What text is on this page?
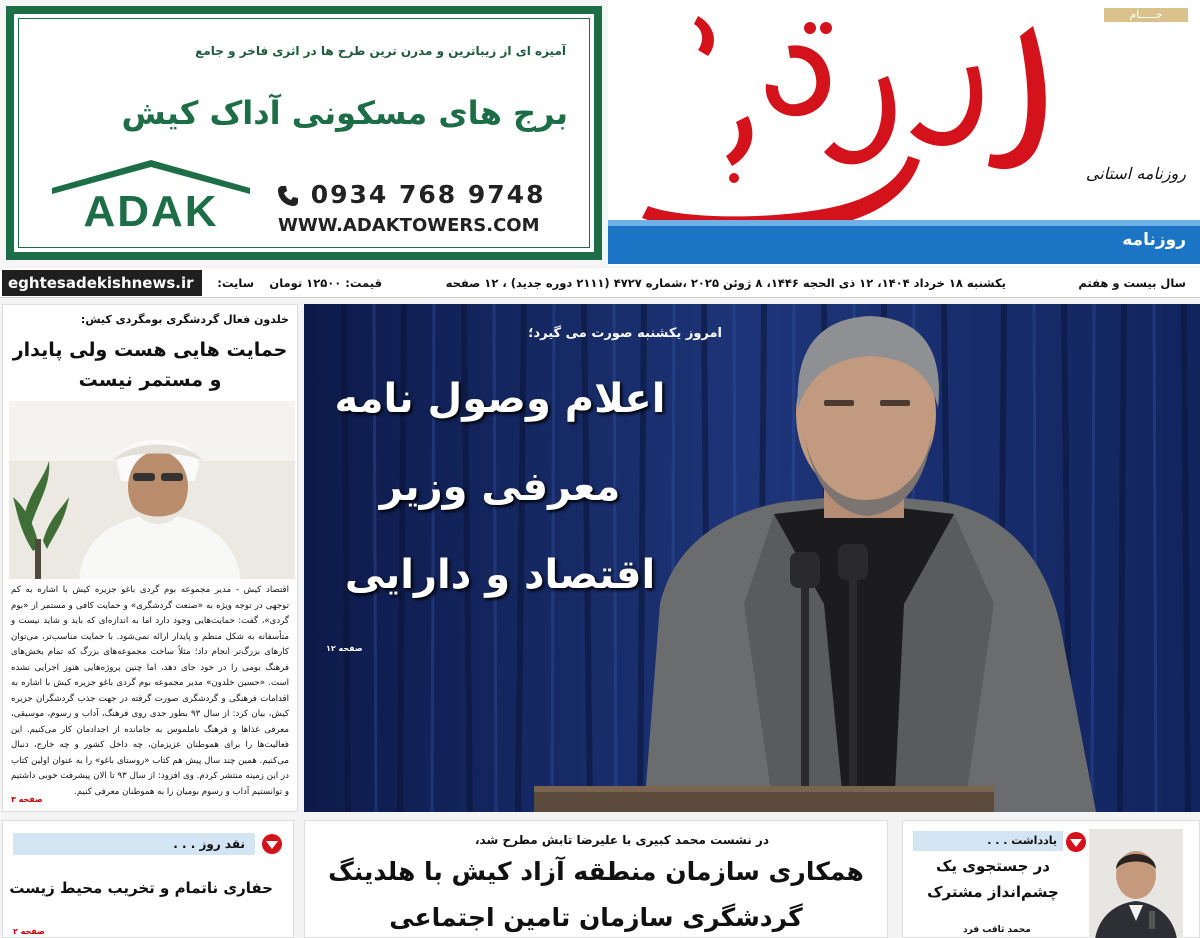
جـــــام
روزنامه استانی
روزنامه
آمیزه ای از زیباترین و مدرن ترین طرح ها در اثری فاخر و جامع
برج های مسکونی آداک کیش
ADAK	0934 768 9748
WWW.ADAKTOWERS.COM
سال بیست و هفتم
یکشنبه ۱۸ خرداد ۱۴۰۴، ۱۲ ذی الحجه ۱۴۴۶، ۸ ژوئن ۲۰۲۵ ،شماره ۴۷۲۷ (۲۱۱۱ دوره جدید) ، ۱۲ صفحه
قیمت: ۱۲۵۰۰ تومان
سایت:
eghtesadekishnews.ir
خلدون فعال گردشگری بومگردی کیش:
حمایت هایی هست ولی پایدار و مستمر نیست
اقتصاد کیش - مدیر مجموعه بوم گردی باغو جزیره کیش با اشاره به کم توجهی در توجه ویژه به «صنعت گردشگری» و حمایت کافی و مستمر از «بوم گردی»، گفت: حمایت‌هایی وجود دارد اما به اندازه‌ای که باید و شاید نیست و متأسفانه به شکل منظم و پایدار ارائه نمی‌شود. با حمایت مناسب‌تر، می‌توان کارهای بزرگ‌تر انجام داد؛ مثلاً ساخت مجموعه‌های بزرگ که تمام بخش‌های فرهنگ بومی را در خود جای دهد، اما چنین پروژه‌هایی هنوز اجرایی نشده است. «حسین خلدون» مدیر مجموعه بوم گردی باغو جزیره کیش با اشاره به اقدامات فرهنگی و گردشگری صورت گرفته در جهت جذب گردشگران جزیره کیش، بیان کرد: از سال ۹۳ بطور جدی روی فرهنگ، آداب و رسوم، موسیقی، معرفی غذاها و فرهنگ ناملموس به جامانده از اجدادمان کار می‌کنیم. این فعالیت‌ها را برای هموطنان عزیزمان، چه داخل کشور و چه خارج، دنبال می‌کنیم. همین چند سال پیش هم کتاب «روستای باغو» را به عنوان اولین کتاب در این زمینه منتشر کردم. وی افزود: از سال ۹۳ تا الان پیشرفت خوبی داشتیم و توانستیم آداب و رسوم بومیان را به هموطنان معرفی کنیم.
صفحه ۳
امروز یکشنبه صورت می گیرد؛
اعلام وصول نامه
معرفی وزیر
اقتصاد و دارایی
صفحه ۱۲
نقد روز . . .
حفاری ناتمام و تخریب محیط زیست
صفحه ۲
در نشست محمد کبیری با علیرضا تابش مطرح شد،
همکاری سازمان منطقه آزاد کیش با هلدینگ
گردشگری سازمان تامین اجتماعی
یادداشت . . .
در جستجوی یک
چشم‌انداز مشترک
محمد ثاقب فرد
